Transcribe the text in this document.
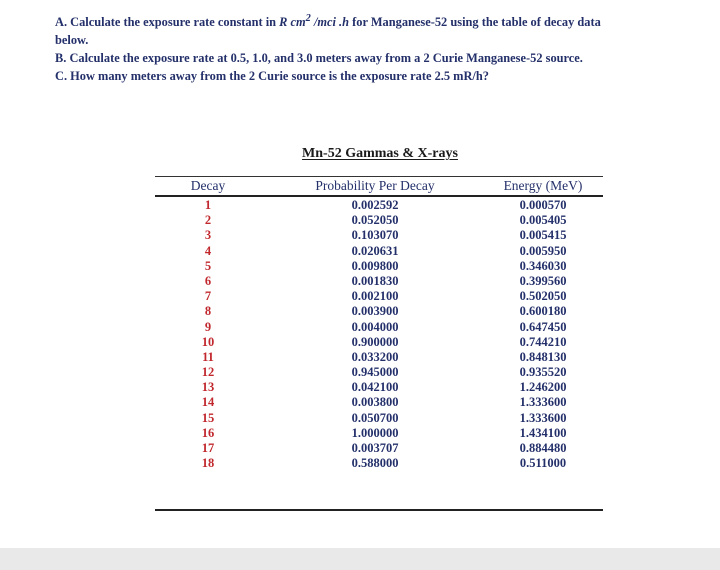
A. Calculate the exposure rate constant in R $cm^2$ /mci .h for Manganese-52 using the table of decay data
below.

B. Calculate the exposure rate at 0.5, 1.0, and 3.0 meters away from a 2 Curie Manganese-52 source.

C. How many meters away from the 2 Curie source is the exposure rate 2.5 mR/h?

Mn-52 Gammas & X-rays
Decay	Probability Per Decay	Energy (MeV)
1
2
3
4
5
6
7
8
9
10
11
12
13
14
15
16
17
18
0.002592
0.052050
0.103070
0.020631
0.009800
0.001830
0.002100
0.003900
0.004000
0.900000
0.033200
0.945000
0.042100
0.003800
0.050700
1.000000
0.003707
0.588000
0.000570
0.005405
0.005415
0.005950
0.346030
0.399560
0.502050
0.600180
0.647450
0.744210
0.848130
0.935520
1.246200
1.333600
1.333600
1.434100
0.884480
0.511000
